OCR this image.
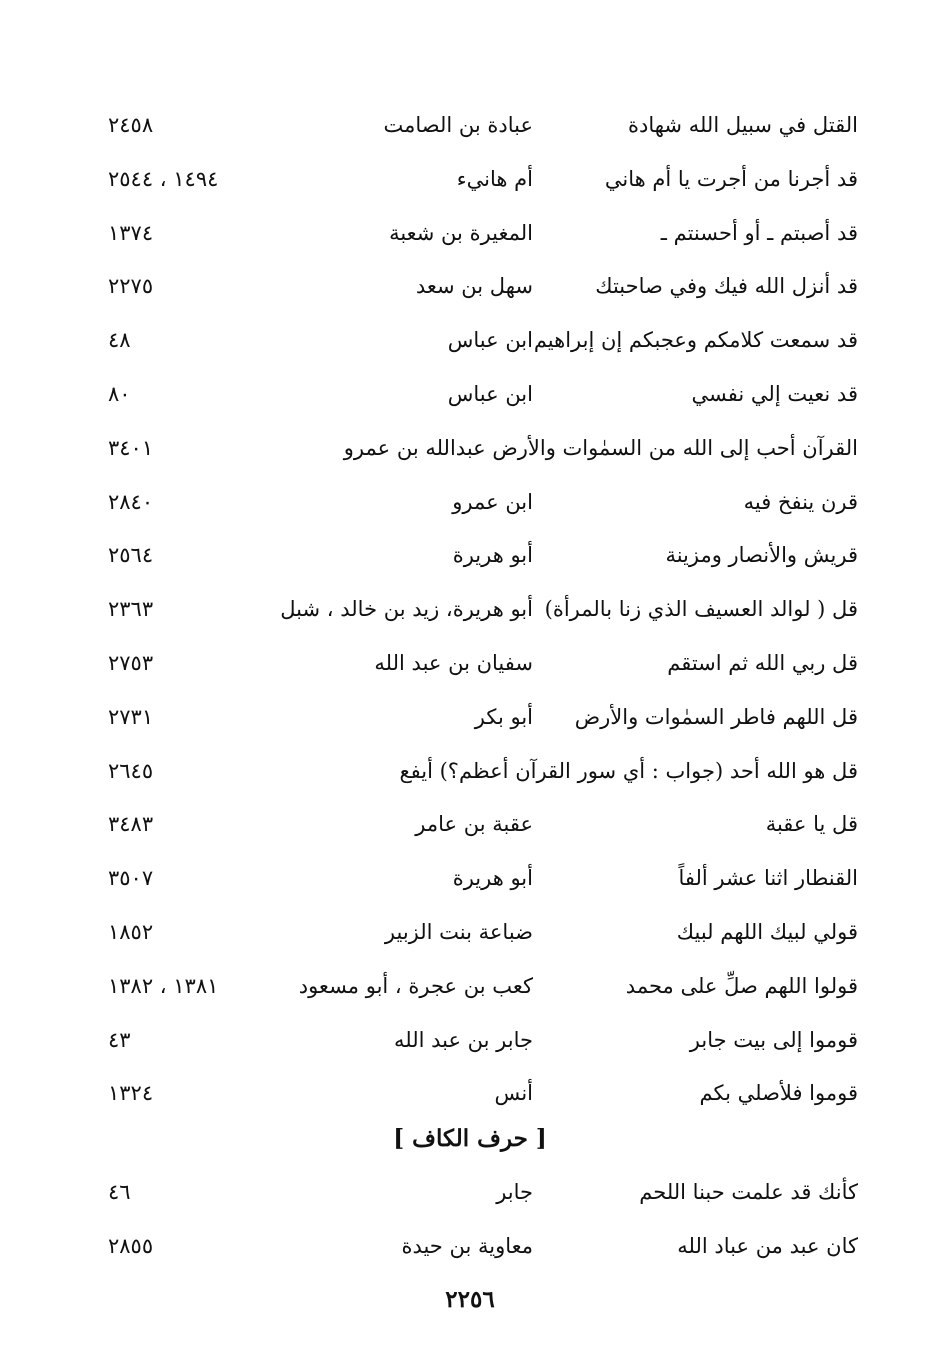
القتل في سبيل الله شهادة
عبادة بن الصامت
٢٤٥٨
قد أجرنا من أجرت يا أم هاني
أم هانيء
١٤٩٤ ، ٢٥٤٤
قد أصبتم ـ أو أحسنتم ـ
المغيرة بن شعبة
١٣٧٤
قد أنزل الله فيك وفي صاحبتك
سهل بن سعد
٢٢٧٥
قد سمعت كلامكم وعجبكم إن إبراهيم
ابن عباس
٤٨
قد نعيت إلي نفسي
ابن عباس
٨٠
القرآن أحب إلى الله من السمٰوات والأرض عبدالله بن عمرو
٣٤٠١
قرن ينفخ فيه
ابن عمرو
٢٨٤٠
قريش والأنصار ومزينة
أبو هريرة
٢٥٦٤
قل ( لوالد العسيف الذي زنا بالمرأة)
أبو هريرة، زيد بن خالد ، شبل
٢٣٦٣
قل ربي الله ثم استقم
سفيان بن عبد الله
٢٧٥٣
قل اللهم فاطر السمٰوات والأرض
أبو بكر
٢٧٣١
قل هو الله أحد (جواب : أي سور القرآن أعظم؟) أيفع
٢٦٤٥
قل يا عقبة
عقبة بن عامر
٣٤٨٣
القنطار اثنا عشر ألفاً
أبو هريرة
٣٥٠٧
قولي لبيك اللهم لبيك
ضباعة بنت الزبير
١٨٥٢
قولوا اللهم صلِّ على محمد
كعب بن عجرة ، أبو مسعود
١٣٨١ ، ١٣٨٢
قوموا إلى بيت جابر
جابر بن عبد الله
٤٣
قوموا فلأصلي بكم
أنس
١٣٢٤
[ حرف الكاف ]
كأنك قد علمت حبنا اللحم
جابر
٤٦
كان عبد من عباد الله
معاوية بن حيدة
٢٨٥٥
٢٢٥٦
